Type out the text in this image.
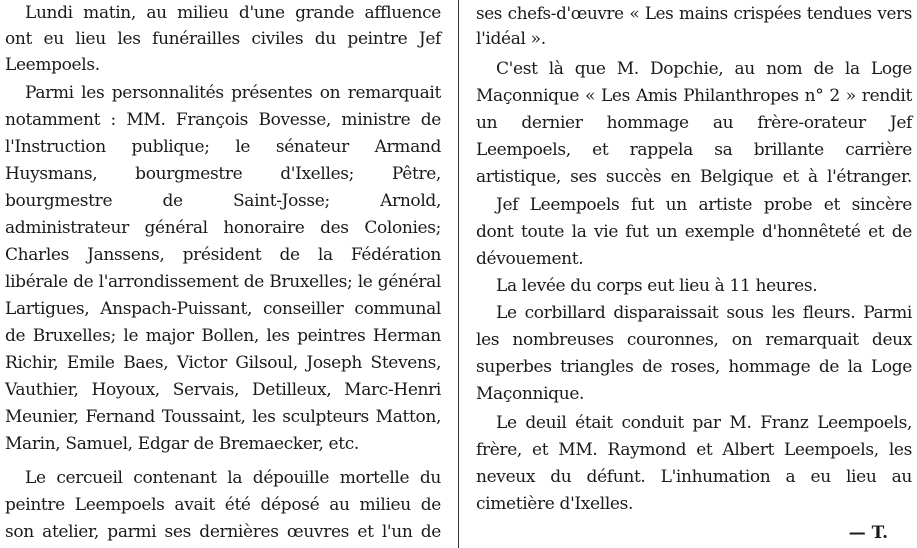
Lundi matin, au milieu d'une grande affluence
ont eu lieu les funérailles civiles du peintre Jef
Leempoels.
Parmi les personnalités présentes on remarquait
notamment : MM. François Bovesse, ministre de
l'Instruction publique; le sénateur Armand
Huysmans, bourgmestre d'Ixelles; Pêtre,
bourgmestre de Saint-Josse; Arnold,
administrateur général honoraire des Colonies;
Charles Janssens, président de la Fédération
libérale de l'arrondissement de Bruxelles; le général
Lartigues, Anspach-Puissant, conseiller communal
de Bruxelles; le major Bollen, les peintres Herman
Richir, Emile Baes, Victor Gilsoul, Joseph Stevens,
Vauthier, Hoyoux, Servais, Detilleux, Marc-Henri
Meunier, Fernand Toussaint, les sculpteurs Matton,
Marin, Samuel, Edgar de Bremaecker, etc.
Le cercueil contenant la dépouille mortelle du
peintre Leempoels avait été déposé au milieu de
son atelier, parmi ses dernières œuvres et l'un de
ses chefs-d'œuvre « Les mains crispées tendues vers
l'idéal ».
C'est là que M. Dopchie, au nom de la Loge
Maçonnique « Les Amis Philanthropes n° 2 » rendit
un dernier hommage au frère-orateur Jef
Leempoels, et rappela sa brillante carrière
artistique, ses succès en Belgique et à l'étranger.
Jef Leempoels fut un artiste probe et sincère
dont toute la vie fut un exemple d'honnêteté et de
dévouement.
La levée du corps eut lieu à 11 heures.
Le corbillard disparaissait sous les fleurs. Parmi
les nombreuses couronnes, on remarquait deux
superbes triangles de roses, hommage de la Loge
Maçonnique.
Le deuil était conduit par M. Franz Leempoels,
frère, et MM. Raymond et Albert Leempoels, les
neveux du défunt. L'inhumation a eu lieu au
cimetière d'Ixelles.
— T.
